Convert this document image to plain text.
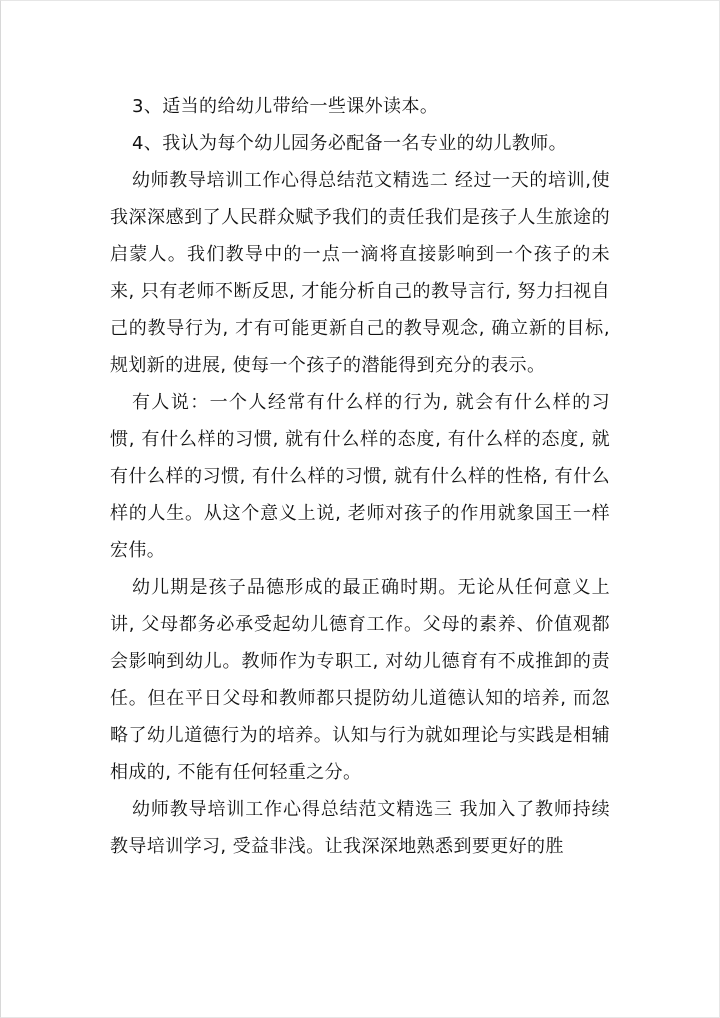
3、适当的给幼儿带给一些课外读本。

4、我认为每个幼儿园务必配备一名专业的幼儿教师。

幼师教导培训工作心得总结范文精选二 经过一天的培训,使我深深感到了人民群众赋予我们的责任我们是孩子人生旅途的启蒙人。我们教导中的一点一滴将直接影响到一个孩子的未来, 只有老师不断反思, 才能分析自己的教导言行, 努力扫视自己的教导行为, 才有可能更新自己的教导观念, 确立新的目标, 规划新的进展, 使每一个孩子的潜能得到充分的表示。

有人说：一个人经常有什么样的行为, 就会有什么样的习惯, 有什么样的习惯, 就有什么样的态度, 有什么样的态度, 就有什么样的习惯, 有什么样的习惯, 就有什么样的性格, 有什么样的人生。从这个意义上说, 老师对孩子的作用就象国王一样宏伟。

幼儿期是孩子品德形成的最正确时期。无论从任何意义上讲, 父母都务必承受起幼儿德育工作。父母的素养、价值观都会影响到幼儿。教师作为专职工, 对幼儿德育有不成推卸的责任。但在平日父母和教师都只提防幼儿道德认知的培养, 而忽略了幼儿道德行为的培养。认知与行为就如理论与实践是相辅相成的, 不能有任何轻重之分。

幼师教导培训工作心得总结范文精选三 我加入了教师持续教导培训学习, 受益非浅。让我深深地熟悉到要更好的胜
